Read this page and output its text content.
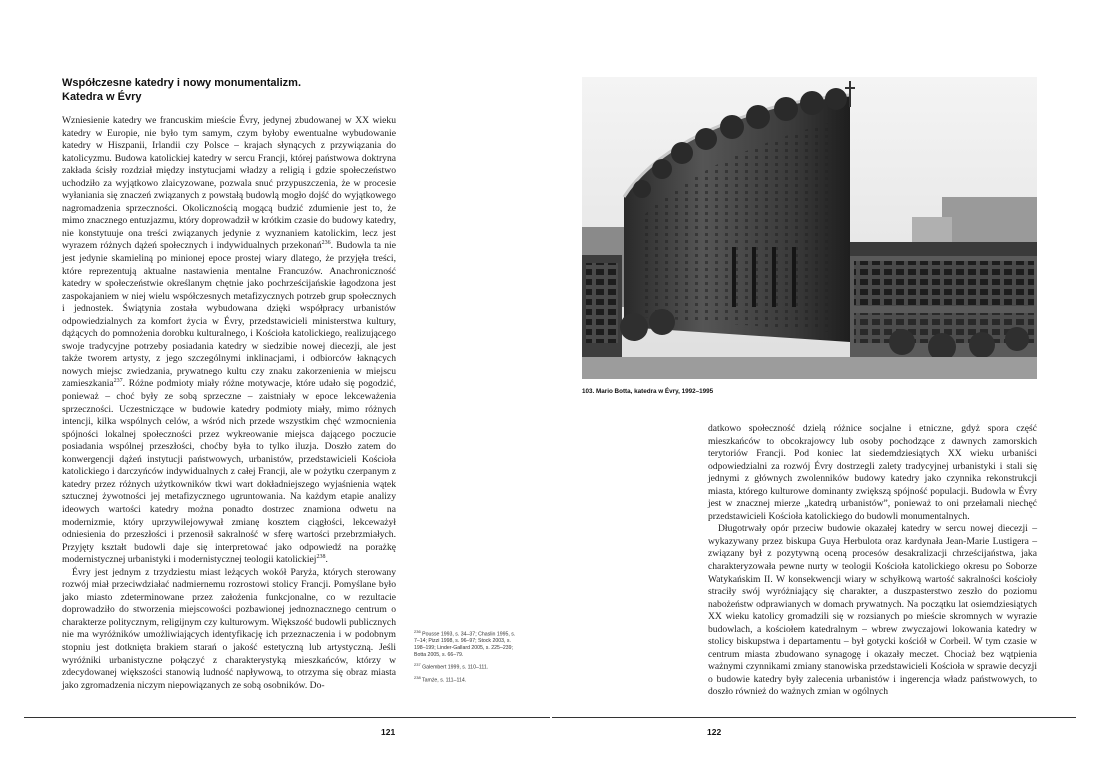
Współczesne katedry i nowy monumentalizm.
Katedra w Évry

Wzniesienie katedry we francuskim mieście Évry, jedynej zbudowanej w XX wieku katedry w Europie, nie było tym samym, czym byłoby ewentualne wybudowanie katedry w Hiszpanii, Irlandii czy Polsce – krajach słynących z przywiązania do katolicyzmu. Budowa katolickiej katedry w sercu Francji, której państwowa doktryna zakłada ścisły rozdział między instytucjami władzy a religią i gdzie społeczeństwo uchodziło za wyjątkowo zlaicyzowane, pozwala snuć przypuszczenia, że w procesie wyłaniania się znaczeń związanych z powstałą budowlą mogło dojść do wyjątkowego nagromadzenia sprzeczności. Okolicznością mogącą budzić zdumienie jest to, że mimo znacznego entuzjazmu, który doprowadził w krótkim czasie do budowy katedry, nie konstytuuje ona treści związanych jedynie z wyznaniem katolickim, lecz jest wyrazem różnych dążeń społecznych i indywidualnych przekonań$^{236}$. Budowla ta nie jest jedynie skamieliną po minionej epoce prostej wiary dlatego, że przyjęła treści, które reprezentują aktualne nastawienia mentalne Francuzów. Anachroniczność katedry w społeczeństwie określanym chętnie jako pochrześcijańskie łagodzona jest zaspokajaniem w niej wielu współczesnych metafizycznych potrzeb grup społecznych i jednostek. Świątynia została wybudowana dzięki współpracy urbanistów odpowiedzialnych za komfort życia w Évry, przedstawicieli ministerstwa kultury, dążących do pomnożenia dorobku kulturalnego, i Kościoła katolickiego, realizującego swoje tradycyjne potrzeby posiadania katedry w siedzibie nowej diecezji, ale jest także tworem artysty, z jego szczególnymi inklinacjami, i odbiorców łaknących nowych miejsc zwiedzania, prywatnego kultu czy znaku zakorzenienia w miejscu zamieszkania$^{237}$. Różne podmioty miały różne motywacje, które udało się pogodzić, ponieważ – choć były ze sobą sprzeczne – zaistniały w epoce lekceważenia sprzeczności. Uczestniczące w budowie katedry podmioty miały, mimo różnych intencji, kilka wspólnych celów, a wśród nich przede wszystkim chęć wzmocnienia spójności lokalnej społeczności przez wykreowanie miejsca dającego poczucie posiadania wspólnej przeszłości, choćby była to tylko iluzja. Doszło zatem do konwergencji dążeń instytucji państwowych, urbanistów, przedstawicieli Kościoła katolickiego i darczyńców indywidualnych z całej Francji, ale w pożytku czerpanym z katedry przez różnych użytkowników tkwi wart dokładniejszego wyjaśnienia wątek sztucznej żywotności jej metafizycznego ugruntowania. Na każdym etapie analizy ideowych wartości katedry można ponadto dostrzec znamiona odwetu na modernizmie, który uprzywilejowywał zmianę kosztem ciągłości, lekceważył odniesienia do przeszłości i przenosił sakralność w sferę wartości przebrzmiałych. Przyjęty kształt budowli daje się interpretować jako odpowiedź na porażkę modernistycznej urbanistyki i modernistycznej teologii katolickiej$^{238}$.

Évry jest jednym z trzydziestu miast leżących wokół Paryża, których sterowany rozwój miał przeciwdziałać nadmiernemu rozrostowi stolicy Francji. Pomyślane było jako miasto zdeterminowane przez założenia funkcjonalne, co w rezultacie doprowadziło do stworzenia miejscowości pozbawionej jednoznacznego centrum o charakterze politycznym, religijnym czy kulturowym. Większość budowli publicznych nie ma wyróżników umożliwiających identyfikację ich przeznaczenia i w podobnym stopniu jest dotknięta brakiem starań o jakość estetyczną lub artystyczną. Jeśli wyróżniki urbanistyczne połączyć z charakterystyką mieszkańców, którzy w zdecydowanej większości stanowią ludność napływową, to otrzyma się obraz miasta jako zgromadzenia niczym niepowiązanych ze sobą osobników. Do-

$^{236}$ Pousse 1993, s. 34–37; Chaslin 1995, s. 7–14; Pizzi 1998, s. 96–97; Stock 2003, s. 198–199; Linder-Gallard 2005, s. 225–239; Botta 2005, s. 66–79.
$^{237}$ Galembert 1999, s. 110–111.
$^{238}$ Tamże, s. 111–114.
121
103. Mario Botta, katedra w Évry, 1992–1995

datkowo społeczność dzielą różnice socjalne i etniczne, gdyż spora część mieszkańców to obcokrajowcy lub osoby pochodzące z dawnych zamorskich terytoriów Francji. Pod koniec lat siedemdziesiątych XX wieku urbaniści odpowiedzialni za rozwój Évry dostrzegli zalety tradycyjnej urbanistyki i stali się jednymi z głównych zwolenników budowy katedry jako czynnika rekonstrukcji miasta, którego kulturowe dominanty zwiększą spójność populacji. Budowla w Évry jest w znacznej mierze „katedrą urbanistów”, ponieważ to oni przełamali niechęć przedstawicieli Kościoła katolickiego do budowli monumentalnych.

Długotrwały opór przeciw budowie okazałej katedry w sercu nowej diecezji – wykazywany przez biskupa Guya Herbulota oraz kardynała Jean-Marie Lustigera – związany był z pozytywną oceną procesów desakralizacji chrześcijaństwa, jaka charakteryzowała pewne nurty w teologii Kościoła katolickiego okresu po Soborze Watykańskim II. W konsekwencji wiary w schyłkową wartość sakralności kościoły straciły swój wyróżniający się charakter, a duszpasterstwo zeszło do poziomu nabożeństw odprawianych w domach prywatnych. Na początku lat osiemdziesiątych XX wieku katolicy gromadzili się w rozsianych po mieście skromnych w wyrazie budowlach, a kościołem katedralnym – wbrew zwyczajowi lokowania katedry w stolicy biskupstwa i departamentu – był gotycki kościół w Corbeil. W tym czasie w centrum miasta zbudowano synagogę i okazały meczet. Chociaż bez wątpienia ważnymi czynnikami zmiany stanowiska przedstawicieli Kościoła w sprawie decyzji o budowie katedry były zalecenia urbanistów i ingerencja władz państwowych, to doszło również do ważnych zmian w ogólnych

122
